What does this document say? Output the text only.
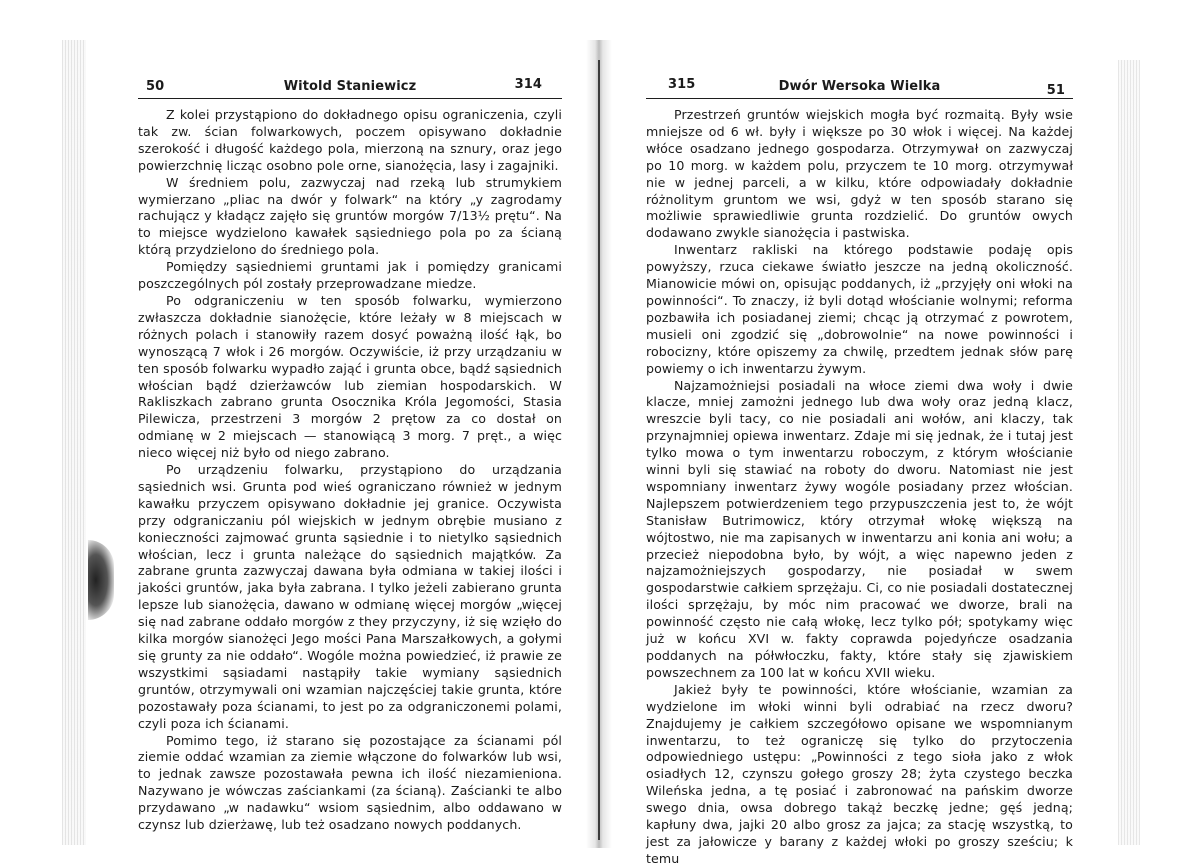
50	Witold Staniewicz	314

Z kolei przystąpiono do dokładnego opisu ograniczenia, czyli tak zw. ścian folwarkowych, poczem opisywano dokładnie szerokość i długość każdego pola, mierzoną na sznury, oraz jego powierzchnię licząc osobno pole orne, sianożęcia, lasy i zagajniki.

W średniem polu, zazwyczaj nad rzeką lub strumykiem wymierzano „pliac na dwór y folwark“ na który „y zagrodamy rachującz y kładącz zajęło się gruntów morgów 7/13½ prętu“. Na to miejsce wydzielono kawałek sąsiedniego pola po za ścianą którą przydzielono do średniego pola.

Pomiędzy sąsiedniemi gruntami jak i pomiędzy granicami poszczególnych pól zostały przeprowadzane miedze.

Po odgraniczeniu w ten sposób folwarku, wymierzono zwłaszcza dokładnie sianożęcie, które leżały w 8 miejscach w różnych polach i stanowiły razem dosyć poważną ilość łąk, bo wynoszącą 7 włok i 26 morgów. Oczywiście, iż przy urządzaniu w ten sposób folwarku wypadło zająć i grunta obce, bądź sąsiednich włościan bądź dzierżawców lub ziemian hospodarskich. W Rakliszkach zabrano grunta Osocznika Króla Jegomości, Stasia Pilewicza, przestrzeni 3 morgów 2 prętow za co dostał on odmianę w 2 miejscach — stanowiącą 3 morg. 7 pręt., a więc nieco więcej niż było od niego zabrano.

Po urządzeniu folwarku, przystąpiono do urządzania sąsiednich wsi. Grunta pod wieś ograniczano również w jednym kawałku przyczem opisywano dokładnie jej granice. Oczywista przy odgraniczaniu pól wiejskich w jednym obrębie musiano z konieczności zajmować grunta sąsiednie i to nietylko sąsiednich włościan, lecz i grunta należące do sąsiednich majątków. Za zabrane grunta zazwyczaj dawana była odmiana w takiej ilości i jakości gruntów, jaka była zabrana. I tylko jeżeli zabierano grunta lepsze lub sianożęcia, dawano w odmianę więcej morgów „więcej się nad zabrane oddało morgów z they przyczyny, iż się wzięło do kilka morgów sianożęci Jego mości Pana Marszałkowych, a gołymi się grunty za nie oddało“. Wogóle można powiedzieć, iż prawie ze wszystkimi sąsiadami nastąpiły takie wymiany sąsiednich gruntów, otrzymywali oni wzamian najczęściej takie grunta, które pozostawały poza ścianami, to jest po za odgraniczonemi polami, czyli poza ich ścianami.

Pomimo tego, iż starano się pozostające za ścianami pól ziemie oddać wzamian za ziemie włączone do folwarków lub wsi, to jednak zawsze pozostawała pewna ich ilość niezamieniona. Nazywano je wówczas zaściankami (za ścianą). Zaścianki te albo przydawano „w nadawku“ wsiom sąsiednim, albo oddawano w czynsz lub dzierżawę, lub też osadzano nowych poddanych.

315	Dwór Wersoka Wielka	51

Przestrzeń gruntów wiejskich mogła być rozmaitą. Były wsie mniejsze od 6 wł. były i większe po 30 włok i więcej. Na każdej włóce osadzano jednego gospodarza. Otrzymywał on zazwyczaj po 10 morg. w każdem polu, przyczem te 10 morg. otrzymywał nie w jednej parceli, a w kilku, które odpowiadały dokładnie różnolitym gruntom we wsi, gdyż w ten sposób starano się możliwie sprawiedliwie grunta rozdzielić. Do gruntów owych dodawano zwykle sianożęcia i pastwiska.

Inwentarz rakliski na którego podstawie podaję opis powyższy, rzuca ciekawe światło jeszcze na jedną okoliczność. Mianowicie mówi on, opisując poddanych, iż „przyjęły oni włoki na powinności“. To znaczy, iż byli dotąd włościanie wolnymi; reforma pozbawiła ich posiadanej ziemi; chcąc ją otrzymać z powrotem, musieli oni zgodzić się „dobrowolnie“ na nowe powinności i robocizny, które opiszemy za chwilę, przedtem jednak słów parę powiemy o ich inwentarzu żywym.

Najzamożniejsi posiadali na włoce ziemi dwa woły i dwie klacze, mniej zamożni jednego lub dwa woły oraz jedną klacz, wreszcie byli tacy, co nie posiadali ani wołów, ani klaczy, tak przynajmniej opiewa inwentarz. Zdaje mi się jednak, że i tutaj jest tylko mowa o tym inwentarzu roboczym, z którym włościanie winni byli się stawiać na roboty do dworu. Natomiast nie jest wspomniany inwentarz żywy wogóle posiadany przez włościan. Najlepszem potwierdzeniem tego przypuszczenia jest to, że wójt Stanisław Butrimowicz, który otrzymał włokę większą na wójtostwo, nie ma zapisanych w inwentarzu ani konia ani wołu; a przecież niepodobna było, by wójt, a więc napewno jeden z najzamożniejszych gospodarzy, nie posiadał w swem gospodarstwie całkiem sprzężaju. Ci, co nie posiadali dostatecznej ilości sprzężaju, by móc nim pracować we dworze, brali na powinność często nie całą włokę, lecz tylko pół; spotykamy więc już w końcu XVI w. fakty coprawda pojedyńcze osadzania poddanych na półwłoczku, fakty, które stały się zjawiskiem powszechnem za 100 lat w końcu XVII wieku.

Jakież były te powinności, które włościanie, wzamian za wydzielone im włoki winni byli odrabiać na rzecz dworu? Znajdujemy je całkiem szczegółowo opisane we wspomnianym inwentarzu, to też ograniczę się tylko do przytoczenia odpowiedniego ustępu: „Powinności z tego sioła jako z włok osiadłych 12, czynszu gołego groszy 28; żyta czystego beczka Wileńska jedna, a tę posiać i zabronować na pańskim dworze swego dnia, owsa dobrego takąż beczkę jedne; gęś jedną; kapłuny dwa, jajki 20 albo grosz za jajca; za stację wszystką, to jest za jałowicze y barany z każdej włoki po groszy sześciu; k temu
